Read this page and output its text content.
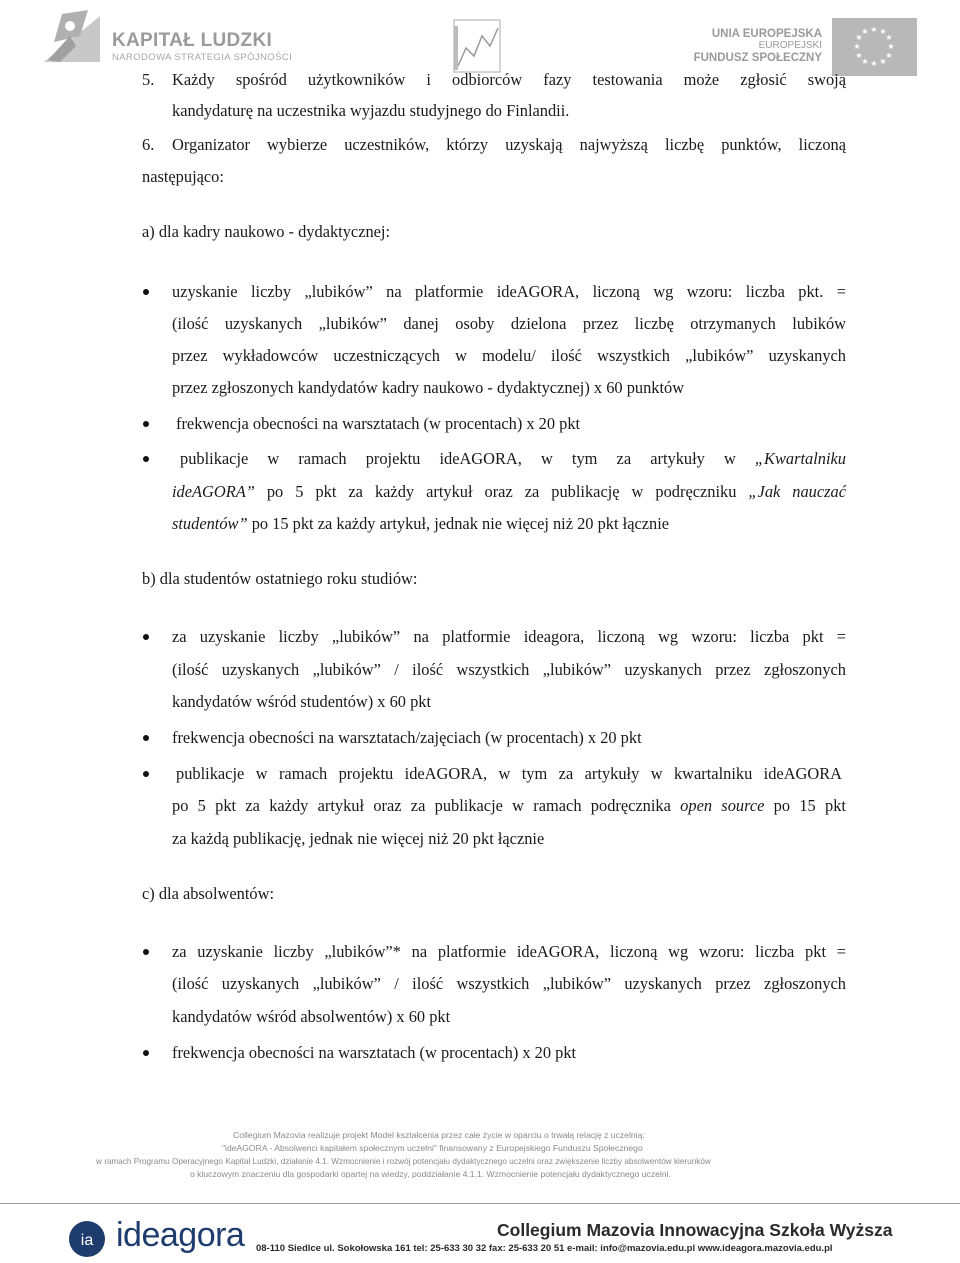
KAPITAŁ LUDZKI
NARODOWA STRATEGIA SPÓJNOŚCI
UNIA EUROPEJSKA
EUROPEJSKI
FUNDUSZ SPOŁECZNY
★ ★
★
★
★
★
★
★
★
★
★
★
5. Każdy spośród użytkowników i odbiorców fazy testowania może zgłosić swoją
kandydaturę na uczestnika wyjazdu studyjnego do Finlandii.
6. Organizator wybierze uczestników, którzy uzyskają najwyższą liczbę punktów, liczoną
następująco:
a) dla kadry naukowo - dydaktycznej:
uzyskanie liczby „lubików” na platformie ideAGORA, liczoną wg wzoru: liczba pkt. =
(ilość uzyskanych „lubików” danej osoby dzielona przez liczbę otrzymanych lubików
przez wykładowców uczestniczących w modelu/ ilość wszystkich „lubików” uzyskanych
przez zgłoszonych kandydatów kadry naukowo - dydaktycznej) x 60 punktów
frekwencja obecności na warsztatach (w procentach) x 20 pkt
publikacje w ramach projektu ideAGORA, w tym za artykuły w „Kwartalniku
ideAGORA” po 5 pkt za każdy artykuł oraz za publikację w podręczniku „Jak nauczać
studentów” po 15 pkt za każdy artykuł, jednak nie więcej niż 20 pkt łącznie
b) dla studentów ostatniego roku studiów:
za uzyskanie liczby „lubików” na platformie ideagora, liczoną wg wzoru: liczba pkt =
(ilość uzyskanych „lubików” / ilość wszystkich „lubików” uzyskanych przez zgłoszonych
kandydatów wśród studentów) x 60 pkt
frekwencja obecności na warsztatach/zajęciach (w procentach) x 20 pkt
publikacje w ramach projektu ideAGORA, w tym za artykuły w kwartalniku ideAGORA
po 5 pkt za każdy artykuł oraz za publikacje w ramach podręcznika open source po 15 pkt
za każdą publikację, jednak nie więcej niż 20 pkt łącznie
c) dla absolwentów:
za uzyskanie liczby „lubików”* na platformie ideAGORA, liczoną wg wzoru: liczba pkt =
(ilość uzyskanych „lubików” / ilość wszystkich „lubików” uzyskanych przez zgłoszonych
kandydatów wśród absolwentów) x 60 pkt
frekwencja obecności na warsztatach (w procentach) x 20 pkt
Collegium Mazovia realizuje projekt Model kształcenia przez całe życie w oparciu o trwałą relację z uczelnią:
"ideAGORA - Absolwenci kapitałem społecznym uczelni" finansowany z Europejskiego Funduszu Społecznego
w ramach Programu Operacyjnego Kapitał Ludzki, działanie 4.1. Wzmocnienie i rozwój potencjału dydaktycznego uczelni oraz zwiększenie liczby absolwentów kierunków
o kluczowym znaczeniu dla gospodarki opartej na wiedzy, poddziałanie 4.1.1. Wzmocnienie potencjału dydaktycznego uczelni.
ia ideagora	Collegium Mazovia Innowacyjna Szkoła Wyższa
08-110 Siedlce ul. Sokołowska 161 tel: 25-633 30 32 fax: 25-633 20 51 e-mail: info@mazovia.edu.pl www.ideagora.mazovia.edu.pl
